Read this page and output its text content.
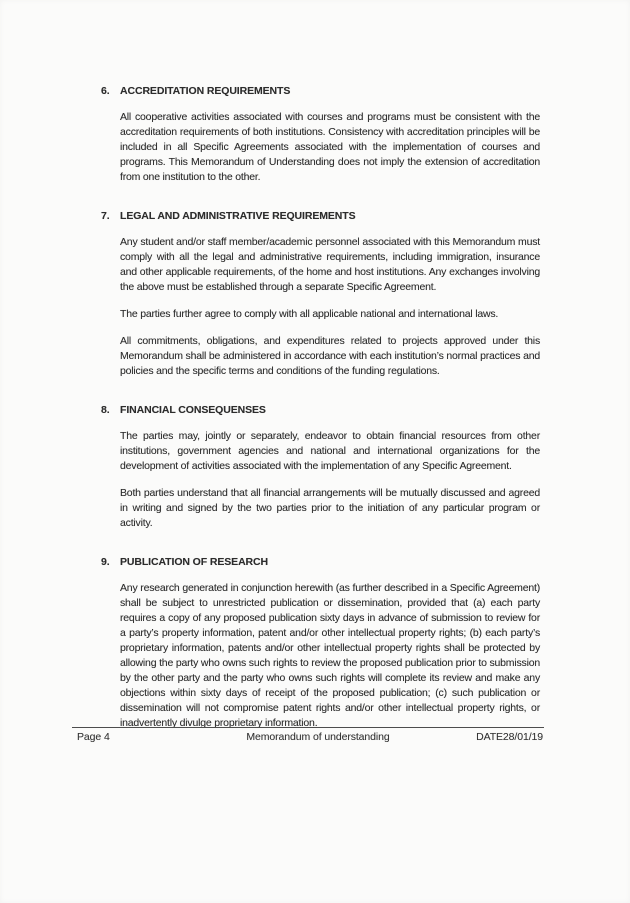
6. ACCREDITATION REQUIREMENTS

All cooperative activities associated with courses and programs must be consistent with the accreditation requirements of both institutions. Consistency with accreditation principles will be included in all Specific Agreements associated with the implementation of courses and programs. This Memorandum of Understanding does not imply the extension of accreditation from one institution to the other.

7. LEGAL AND ADMINISTRATIVE REQUIREMENTS

Any student and/or staff member/academic personnel associated with this Memorandum must comply with all the legal and administrative requirements, including immigration, insurance and other applicable requirements, of the home and host institutions. Any exchanges involving the above must be established through a separate Specific Agreement.

The parties further agree to comply with all applicable national and international laws.

All commitments, obligations, and expenditures related to projects approved under this Memorandum shall be administered in accordance with each institution’s normal practices and policies and the specific terms and conditions of the funding regulations.

8. FINANCIAL CONSEQUENSES

The parties may, jointly or separately, endeavor to obtain financial resources from other institutions, government agencies and national and international organizations for the development of activities associated with the implementation of any Specific Agreement.

Both parties understand that all financial arrangements will be mutually discussed and agreed in writing and signed by the two parties prior to the initiation of any particular program or activity.

9. PUBLICATION OF RESEARCH

Any research generated in conjunction herewith (as further described in a Specific Agreement) shall be subject to unrestricted publication or dissemination, provided that (a) each party requires a copy of any proposed publication sixty days in advance of submission to review for a party’s property information, patent and/or other intellectual property rights; (b) each party’s proprietary information, patents and/or other intellectual property rights shall be protected by allowing the party who owns such rights to review the proposed publication prior to submission by the other party and the party who owns such rights will complete its review and make any objections within sixty days of receipt of the proposed publication; (c) such publication or dissemination will not compromise patent rights and/or other intellectual property rights, or inadvertently divulge proprietary information.

Page 4	Memorandum of understanding	DATE28/01/19
